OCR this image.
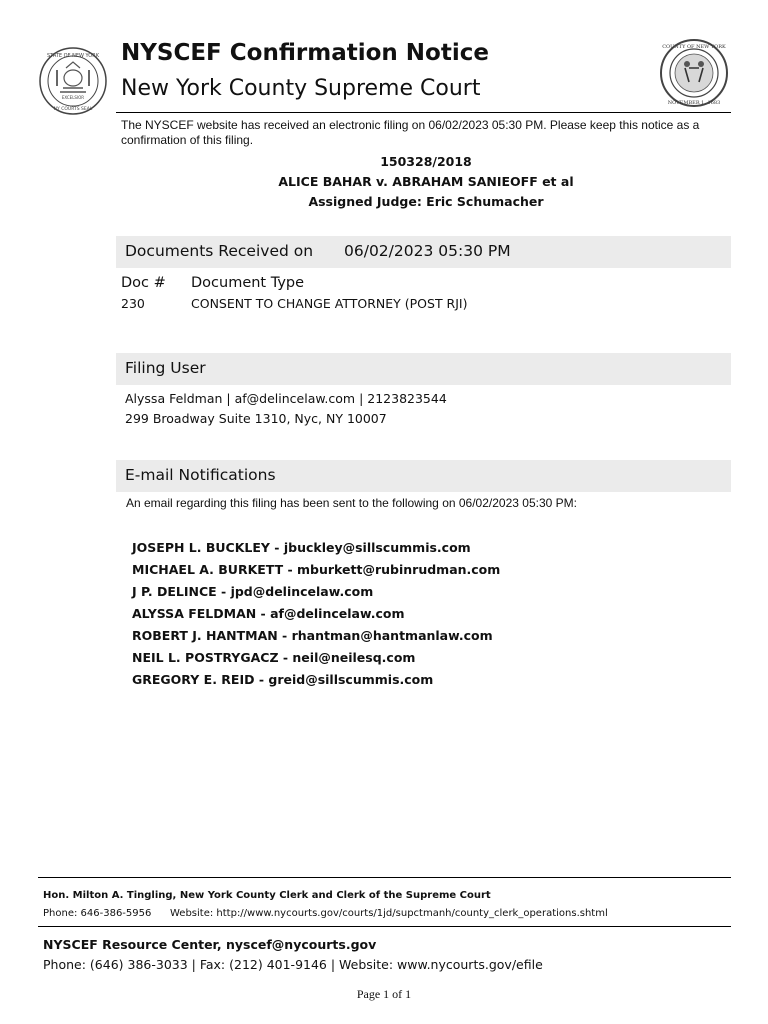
STATE OF NEW YORK
EXCELSIOR
NY COURTS SEAL
NYSCEF Confirmation Notice
New York County Supreme Court
COUNTY OF NEW YORK
NOVEMBER 1, 1683
The NYSCEF website has received an electronic filing on 06/02/2023 05:30 PM. Please keep this notice as a confirmation of this filing.
150328/2018
ALICE BAHAR v. ABRAHAM SANIEOFF et al
Assigned Judge: Eric Schumacher
Documents Received on 06/02/2023 05:30 PM
Doc # Document Type
230	CONSENT TO CHANGE ATTORNEY (POST RJI)
Filing User
Alyssa Feldman | af@delincelaw.com | 2123823544
299 Broadway Suite 1310, Nyc, NY 10007
E-mail Notifications
An email regarding this filing has been sent to the following on 06/02/2023 05:30 PM:
JOSEPH L. BUCKLEY - jbuckley@sillscummis.com
MICHAEL A. BURKETT - mburkett@rubinrudman.com
J P. DELINCE - jpd@delincelaw.com
ALYSSA FELDMAN - af@delincelaw.com
ROBERT J. HANTMAN - rhantman@hantmanlaw.com
NEIL L. POSTRYGACZ - neil@neilesq.com
GREGORY E. REID - greid@sillscummis.com
Hon. Milton A. Tingling, New York County Clerk and Clerk of the Supreme Court
Phone: 646-386-5956 Website: http://www.nycourts.gov/courts/1jd/supctmanh/county_clerk_operations.shtml
NYSCEF Resource Center, nyscef@nycourts.gov
Phone: (646) 386-3033 | Fax: (212) 401-9146 | Website: www.nycourts.gov/efile
Page 1 of 1
